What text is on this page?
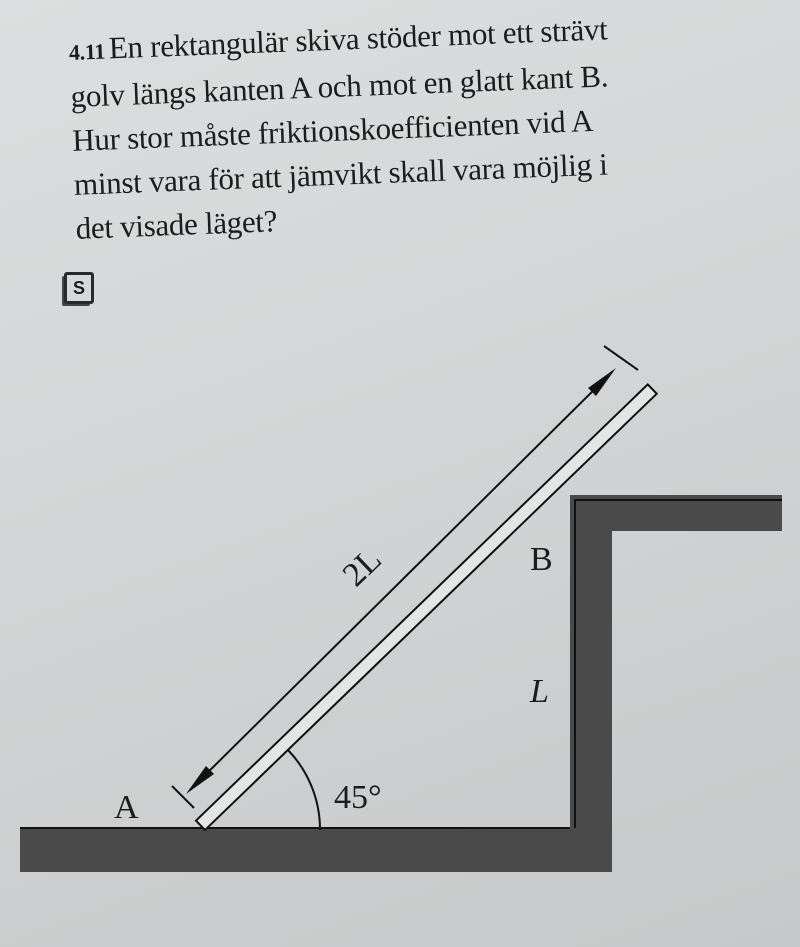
4.11En rektangulär skiva stöder mot ett strävt
golv längs kanten A och mot en glatt kant B.
Hur stor måste friktionskoefficienten vid A
minst vara för att jämvikt skall vara möjlig i
det visade läget?
S
2L	B
L
A	45°
